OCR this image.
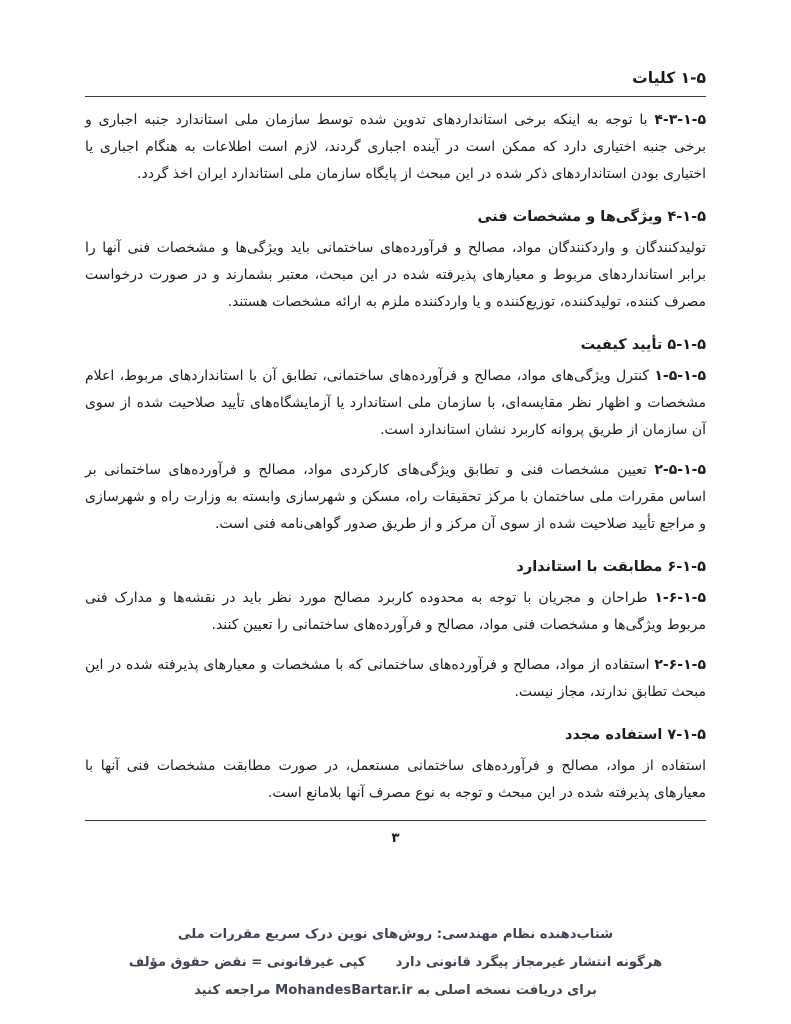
۱-۵ کلیات

۴-۳-۱-۵ با توجه به اینکه برخی استانداردهای تدوین شده توسط سازمان ملی استاندارد جنبه اجباری و برخی جنبه اختیاری دارد که ممکن است در آینده اجباری گردند، لازم است اطلاعات به هنگام اجباری یا اختیاری بودن استانداردهای ذکر شده در این مبحث از پایگاه سازمان ملی استاندارد ایران اخذ گردد.

۴-۱-۵ ویژگی‌ها و مشخصات فنی

تولیدکنندگان و واردکنندگان مواد، مصالح و فرآورده‌های ساختمانی باید ویژگی‌ها و مشخصات فنی آنها را برابر استانداردهای مربوط و معیارهای پذیرفته شده در این مبحث، معتبر بشمارند و در صورت درخواست مصرف کننده، تولیدکننده، توزیع‌کننده و یا واردکننده ملزم به ارائه مشخصات هستند.

۵-۱-۵ تأیید کیفیت

۱-۵-۱-۵ کنترل ویژگی‌های مواد، مصالح و فرآورده‌های ساختمانی، تطابق آن با استانداردهای مربوط، اعلام مشخصات و اظهار نظر مقایسه‌ای، با سازمان ملی استاندارد یا آزمایشگاه‌های تأیید صلاحیت شده از سوی آن سازمان از طریق پروانه کاربرد نشان استاندارد است.

۲-۵-۱-۵ تعیین مشخصات فنی و تطابق ویژگی‌های کارکردی مواد، مصالح و فرآورده‌های ساختمانی بر اساس مقررات ملی ساختمان با مرکز تحقیقات راه، مسکن و شهرسازی وابسته به وزارت راه و شهرسازی و مراجع تأیید صلاحیت شده از سوی آن مرکز و از طریق صدور گواهی‌نامه فنی است.

۶-۱-۵ مطابقت با استاندارد

۱-۶-۱-۵ طراحان و مجریان با توجه به محدوده کاربرد مصالح مورد نظر باید در نقشه‌ها و مدارک فنی مربوط ویژگی‌ها و مشخصات فنی مواد، مصالح و فرآورده‌های ساختمانی را تعیین کنند.

۲-۶-۱-۵ استفاده از مواد، مصالح و فرآورده‌های ساختمانی که با مشخصات و معیارهای پذیرفته شده در این مبحث تطابق ندارند، مجاز نیست.

۷-۱-۵ استفاده مجدد

استفاده از مواد، مصالح و فرآورده‌های ساختمانی مستعمل، در صورت مطابقت مشخصات فنی آنها با معیارهای پذیرفته شده در این مبحث و توجه به نوع مصرف آنها بلامانع است.

۳
شتاب‌دهنده نظام مهندسی: روش‌های نوین درک سریع مقررات ملی
هرگونه انتشار غیرمجاز پیگرد قانونی دارد
کپی غیرقانونی = نقض حقوق مؤلف
برای دریافت نسخه اصلی به MohandesBartar.ir مراجعه کنید
